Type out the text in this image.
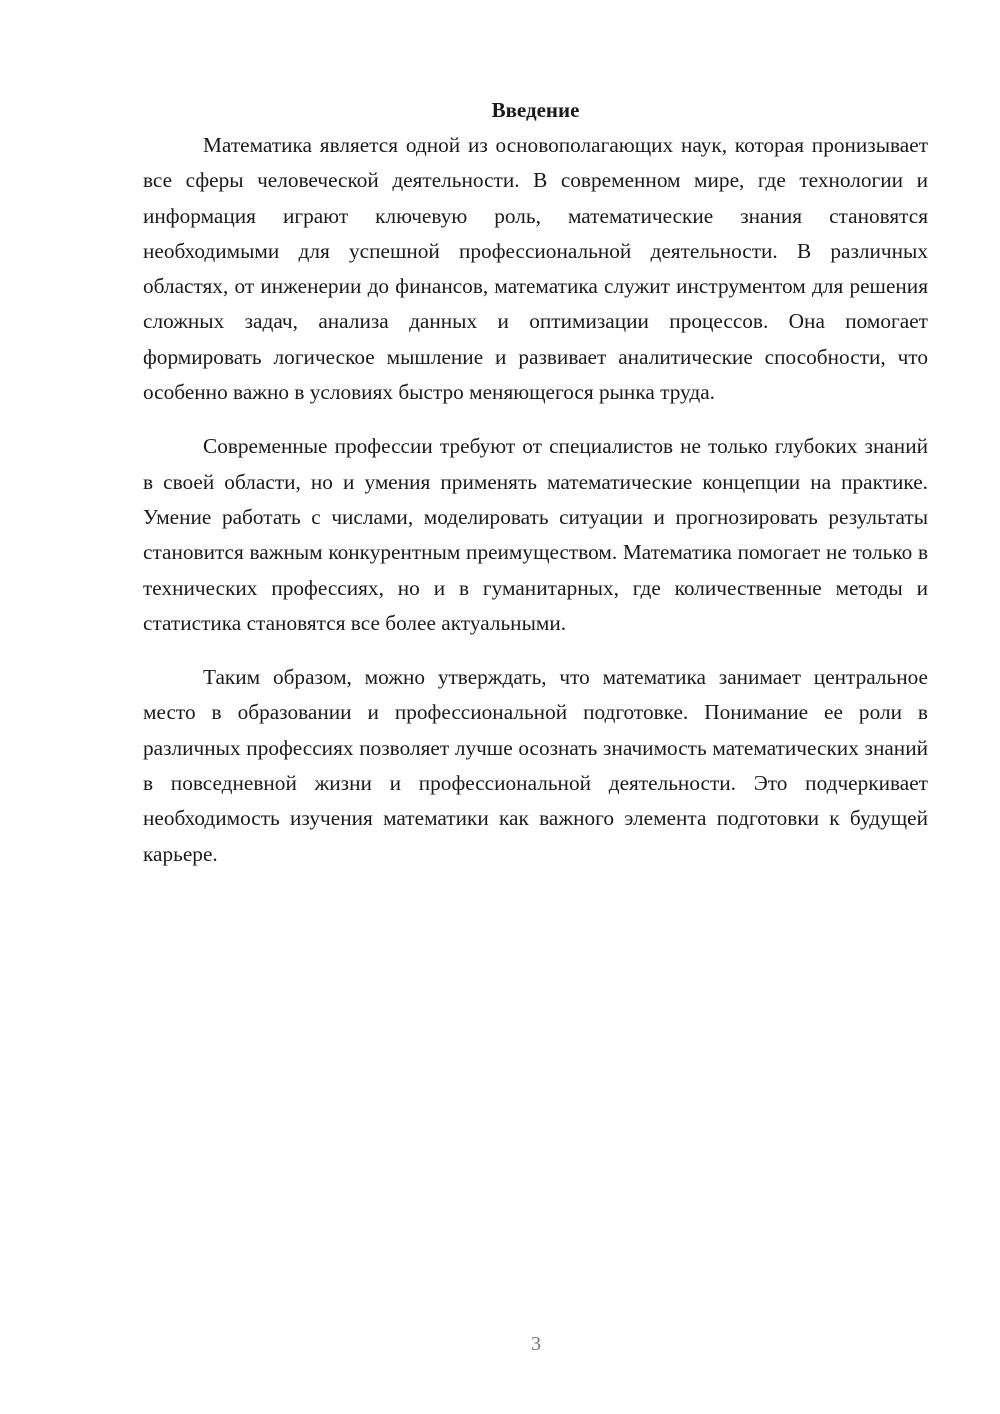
Введение

Математика является одной из основополагающих наук, которая пронизывает все сферы человеческой деятельности. В современном мире, где технологии и информация играют ключевую роль, математические знания становятся необходимыми для успешной профессиональной деятельности. В различных областях, от инженерии до финансов, математика служит инструментом для решения сложных задач, анализа данных и оптимизации процессов. Она помогает формировать логическое мышление и развивает аналитические способности, что особенно важно в условиях быстро меняющегося рынка труда.

Современные профессии требуют от специалистов не только глубоких знаний в своей области, но и умения применять математические концепции на практике. Умение работать с числами, моделировать ситуации и прогнозировать результаты становится важным конкурентным преимуществом. Математика помогает не только в технических профессиях, но и в гуманитарных, где количественные методы и статистика становятся все более актуальными.

Таким образом, можно утверждать, что математика занимает центральное место в образовании и профессиональной подготовке. Понимание ее роли в различных профессиях позволяет лучше осознать значимость математических знаний в повседневной жизни и профессиональной деятельности. Это подчеркивает необходимость изучения математики как важного элемента подготовки к будущей карьере.

3
